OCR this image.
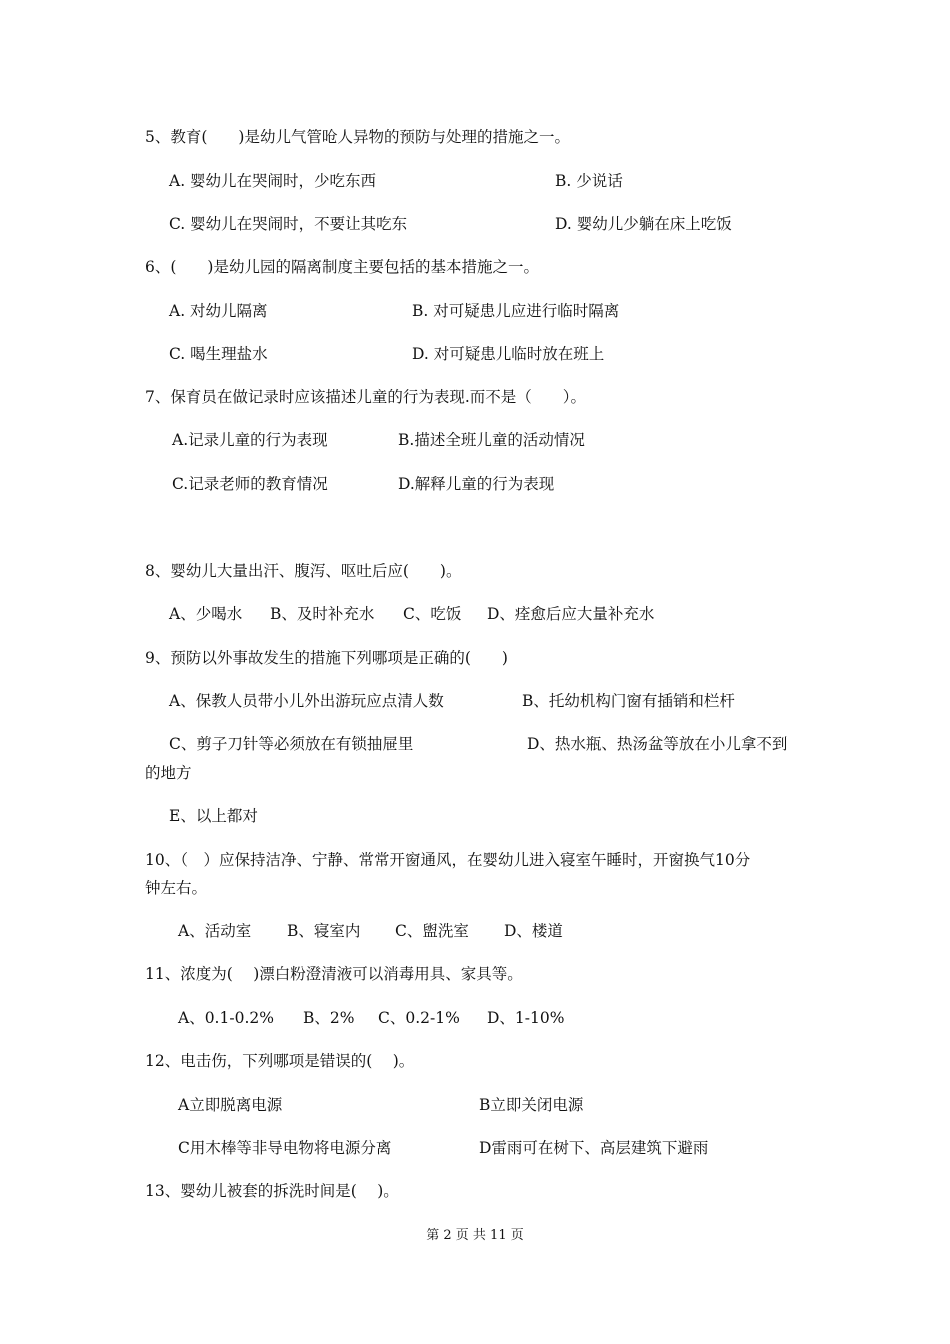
5、教育(　　)是幼儿气管呛人异物的预防与处理的措施之一。
A. 婴幼儿在哭闹时，少吃东西	B. 少说话
C. 婴幼儿在哭闹时，不要让其吃东	D. 婴幼儿少躺在床上吃饭
6、(　　)是幼儿园的隔离制度主要包括的基本措施之一。
A. 对幼儿隔离	B. 对可疑患儿应进行临时隔离
C. 喝生理盐水	D. 对可疑患儿临时放在班上
7、保育员在做记录时应该描述儿童的行为表现.而不是（　　）。
A.记录儿童的行为表现	B.描述全班儿童的活动情况
C.记录老师的教育情况	D.解释儿童的行为表现
8、婴幼儿大量出汗、腹泻、呕吐后应(　　)。
A、少喝水 B、及时补充水 C、吃饭 D、痊愈后应大量补充水
9、预防以外事故发生的措施下列哪项是正确的(　　)
A、保教人员带小儿外出游玩应点清人数	B、托幼机构门窗有插销和栏杆
C、剪子刀针等必须放在有锁抽屉里	D、热水瓶、热汤盆等放在小儿拿不到
的地方
E、以上都对
10、（　）应保持洁净、宁静、常常开窗通风，在婴幼儿进入寝室午睡时，开窗换气10分
钟左右。
A、活动室 B、寝室内 C、盥洗室 D、楼道
11、浓度为(　 )漂白粉澄清液可以消毒用具、家具等。
A、0.1-0.2% B、2% C、0.2-1% D、1-10%
12、电击伤，下列哪项是错误的(　 )。
A立即脱离电源	B立即关闭电源
C用木棒等非导电物将电源分离	D雷雨可在树下、高层建筑下避雨
13、婴幼儿被套的拆洗时间是(　 )。
第 2 页 共 11 页
